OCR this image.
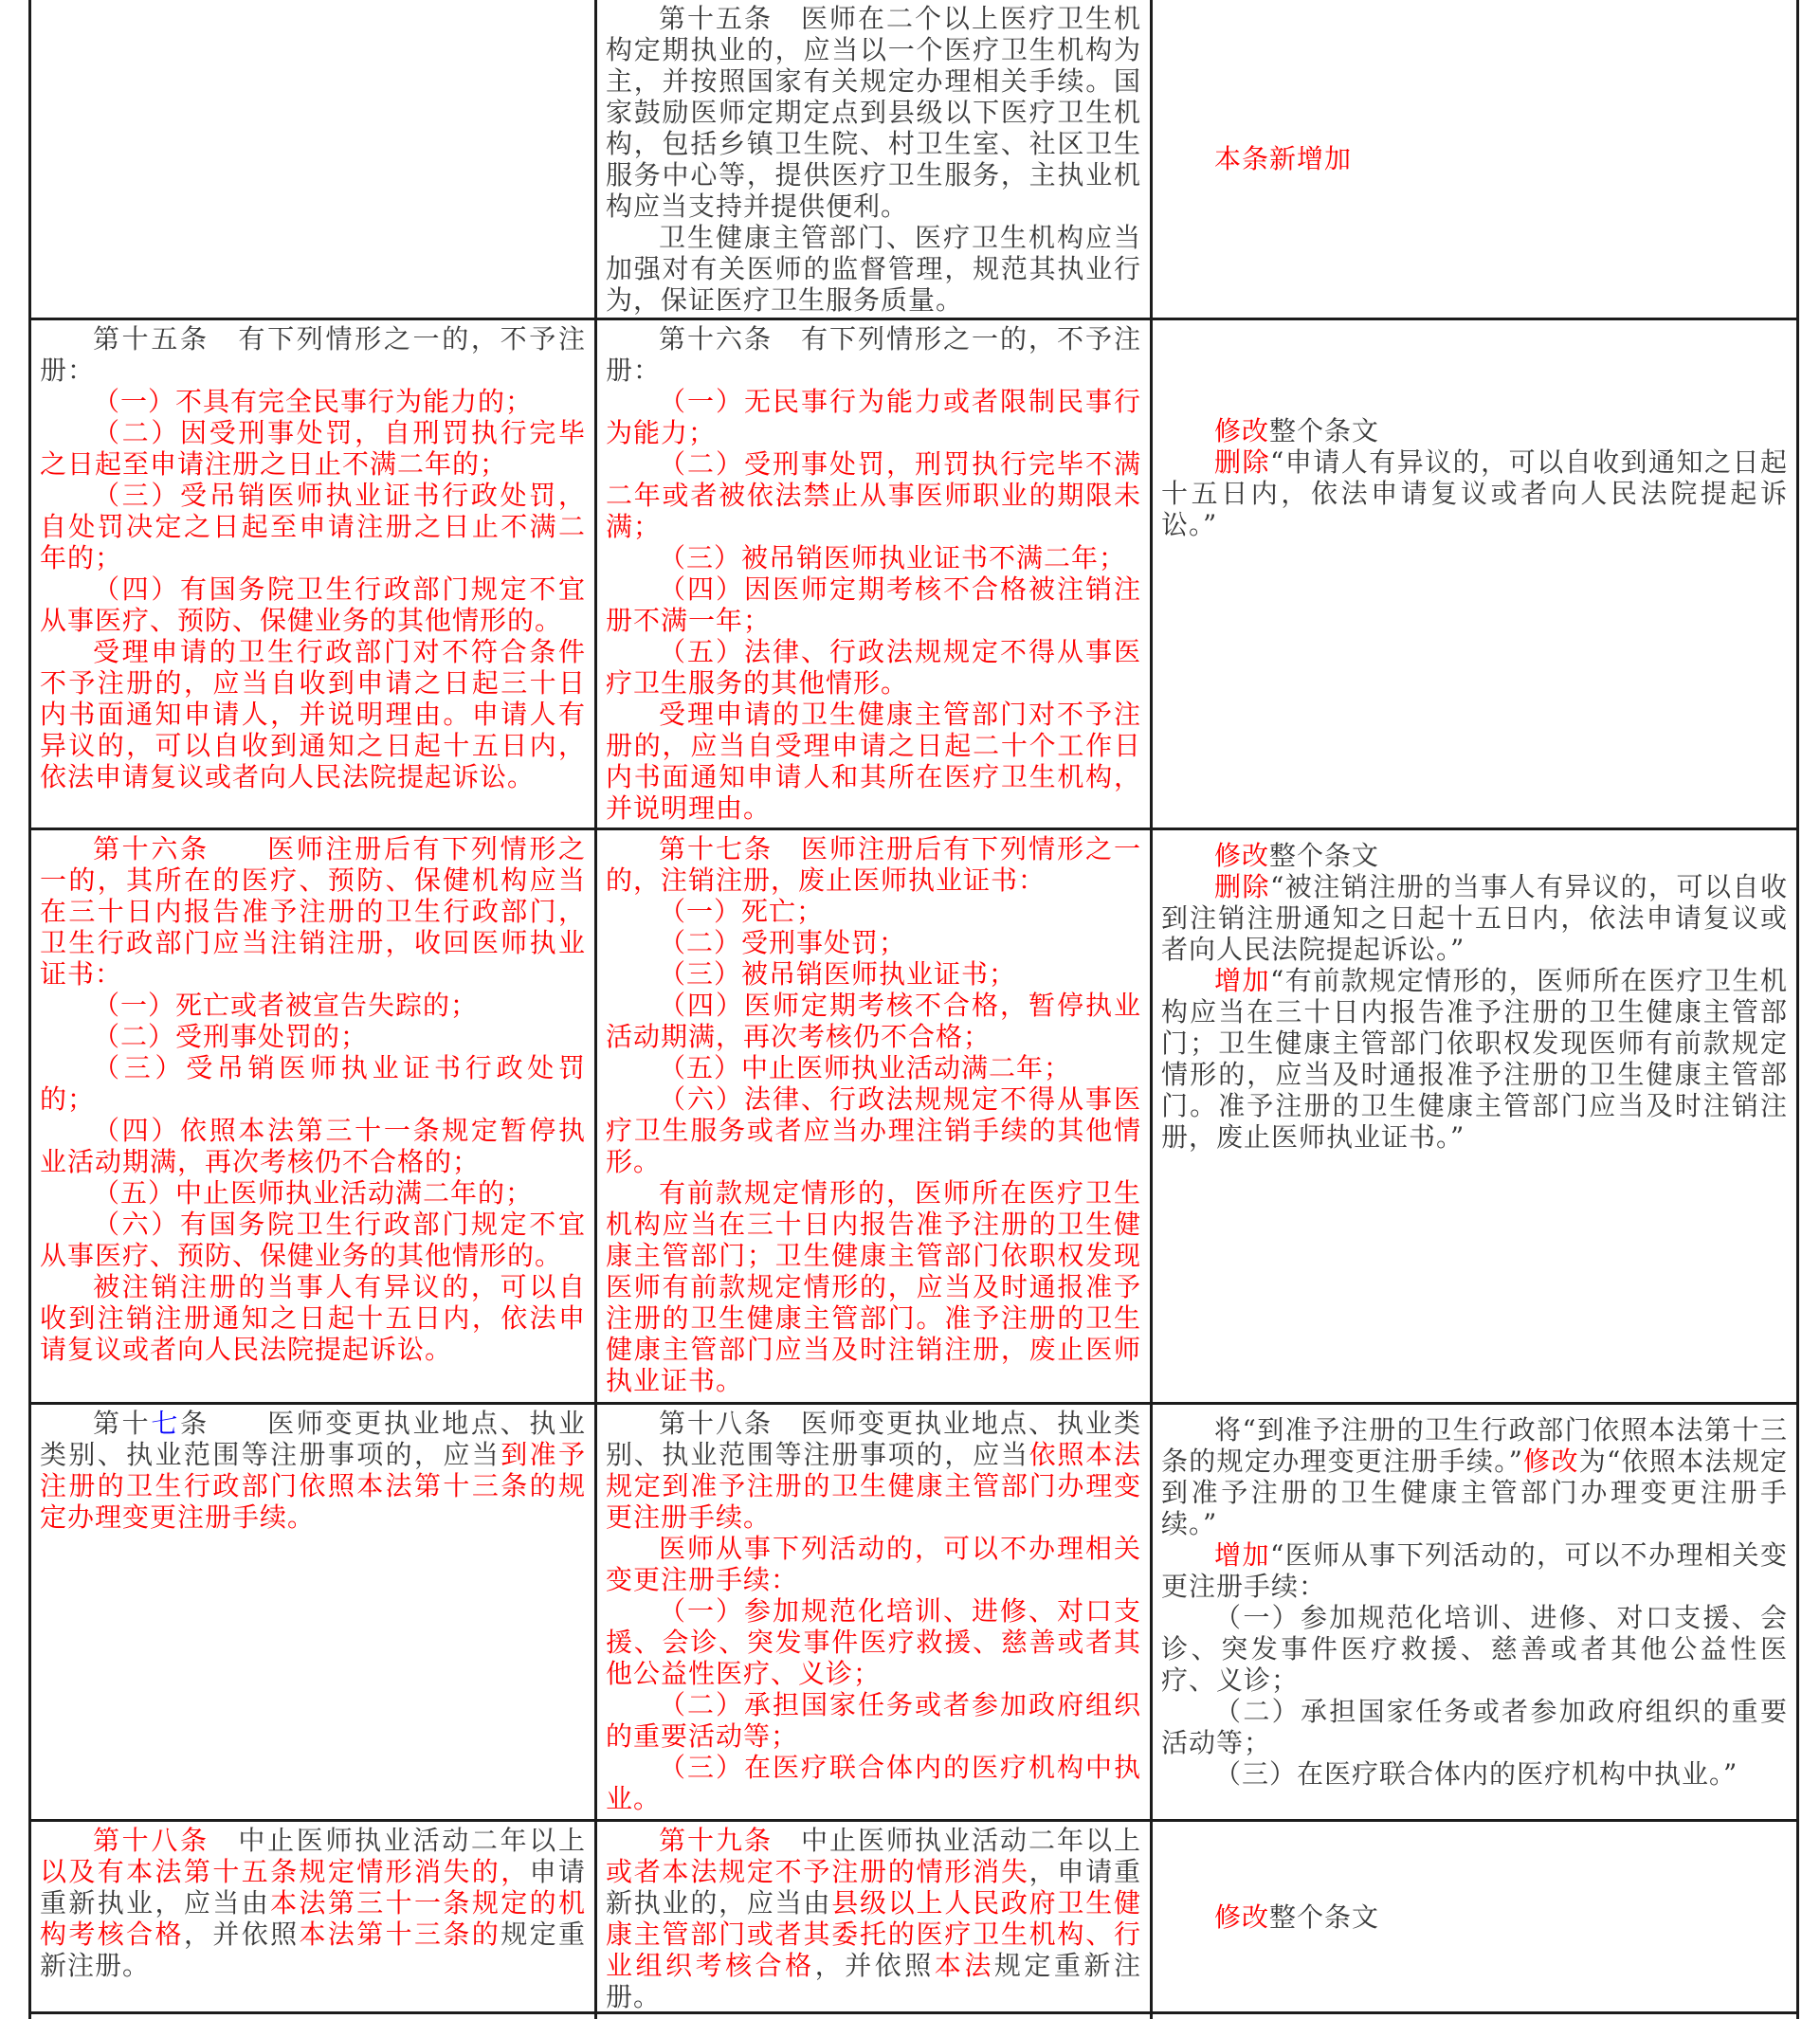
第十五条　医师在二个以上医疗卫生机构定期执业的，应当以一个医疗卫生机构为主，并按照国家有关规定办理相关手续。国家鼓励医师定期定点到县级以下医疗卫生机构，包括乡镇卫生院、村卫生室、社区卫生服务中心等，提供医疗卫生服务，主执业机构应当支持并提供便利。

卫生健康主管部门、医疗卫生机构应当加强对有关医师的监督管理，规范其执业行为，保证医疗卫生服务质量。

本条新增加

第十五条　有下列情形之一的，不予注册：

（一）不具有完全民事行为能力的；

（二）因受刑事处罚，自刑罚执行完毕之日起至申请注册之日止不满二年的；

（三）受吊销医师执业证书行政处罚，自处罚决定之日起至申请注册之日止不满二年的；

（四）有国务院卫生行政部门规定不宜从事医疗、预防、保健业务的其他情形的。

受理申请的卫生行政部门对不符合条件不予注册的，应当自收到申请之日起三十日内书面通知申请人，并说明理由。申请人有异议的，可以自收到通知之日起十五日内，依法申请复议或者向人民法院提起诉讼。

第十六条　有下列情形之一的，不予注册：

（一）无民事行为能力或者限制民事行为能力；

（二）受刑事处罚，刑罚执行完毕不满二年或者被依法禁止从事医师职业的期限未满；

（三）被吊销医师执业证书不满二年；

（四）因医师定期考核不合格被注销注册不满一年；

（五）法律、行政法规规定不得从事医疗卫生服务的其他情形。

受理申请的卫生健康主管部门对不予注册的，应当自受理申请之日起二十个工作日内书面通知申请人和其所在医疗卫生机构，并说明理由。

修改整个条文

删除“申请人有异议的，可以自收到通知之日起十五日内，依法申请复议或者向人民法院提起诉讼。”

第十六条　　医师注册后有下列情形之一的，其所在的医疗、预防、保健机构应当在三十日内报告准予注册的卫生行政部门，卫生行政部门应当注销注册，收回医师执业证书：

（一）死亡或者被宣告失踪的；

（二）受刑事处罚的；

（三）受吊销医师执业证书行政处罚的；

（四）依照本法第三十一条规定暂停执业活动期满，再次考核仍不合格的；

（五）中止医师执业活动满二年的；

（六）有国务院卫生行政部门规定不宜从事医疗、预防、保健业务的其他情形的。

被注销注册的当事人有异议的，可以自收到注销注册通知之日起十五日内，依法申请复议或者向人民法院提起诉讼。

第十七条　医师注册后有下列情形之一的，注销注册，废止医师执业证书：

（一）死亡；

（二）受刑事处罚；

（三）被吊销医师执业证书；

（四）医师定期考核不合格，暂停执业活动期满，再次考核仍不合格；

（五）中止医师执业活动满二年；

（六）法律、行政法规规定不得从事医疗卫生服务或者应当办理注销手续的其他情形。

有前款规定情形的，医师所在医疗卫生机构应当在三十日内报告准予注册的卫生健康主管部门；卫生健康主管部门依职权发现医师有前款规定情形的，应当及时通报准予注册的卫生健康主管部门。准予注册的卫生健康主管部门应当及时注销注册，废止医师执业证书。

修改整个条文

删除“被注销注册的当事人有异议的，可以自收到注销注册通知之日起十五日内，依法申请复议或者向人民法院提起诉讼。”

增加“有前款规定情形的，医师所在医疗卫生机构应当在三十日内报告准予注册的卫生健康主管部门；卫生健康主管部门依职权发现医师有前款规定情形的，应当及时通报准予注册的卫生健康主管部门。准予注册的卫生健康主管部门应当及时注销注册，废止医师执业证书。”

第十七条　　医师变更执业地点、执业类别、执业范围等注册事项的，应当到准予注册的卫生行政部门依照本法第十三条的规定办理变更注册手续。

第十八条　医师变更执业地点、执业类别、执业范围等注册事项的，应当依照本法规定到准予注册的卫生健康主管部门办理变更注册手续。

医师从事下列活动的，可以不办理相关变更注册手续：

（一）参加规范化培训、进修、对口支援、会诊、突发事件医疗救援、慈善或者其他公益性医疗、义诊；

（二）承担国家任务或者参加政府组织的重要活动等；

（三）在医疗联合体内的医疗机构中执业。

将“到准予注册的卫生行政部门依照本法第十三条的规定办理变更注册手续。”修改为“依照本法规定到准予注册的卫生健康主管部门办理变更注册手续。”

增加“医师从事下列活动的，可以不办理相关变更注册手续：

（一）参加规范化培训、进修、对口支援、会诊、突发事件医疗救援、慈善或者其他公益性医疗、义诊；

（二）承担国家任务或者参加政府组织的重要活动等；

（三）在医疗联合体内的医疗机构中执业。”

第十八条　中止医师执业活动二年以上以及有本法第十五条规定情形消失的，申请重新执业，应当由本法第三十一条规定的机构考核合格，并依照本法第十三条的规定重新注册。

第十九条　中止医师执业活动二年以上或者本法规定不予注册的情形消失，申请重新执业的，应当由县级以上人民政府卫生健康主管部门或者其委托的医疗卫生机构、行业组织考核合格，并依照本法规定重新注册。

修改整个条文
